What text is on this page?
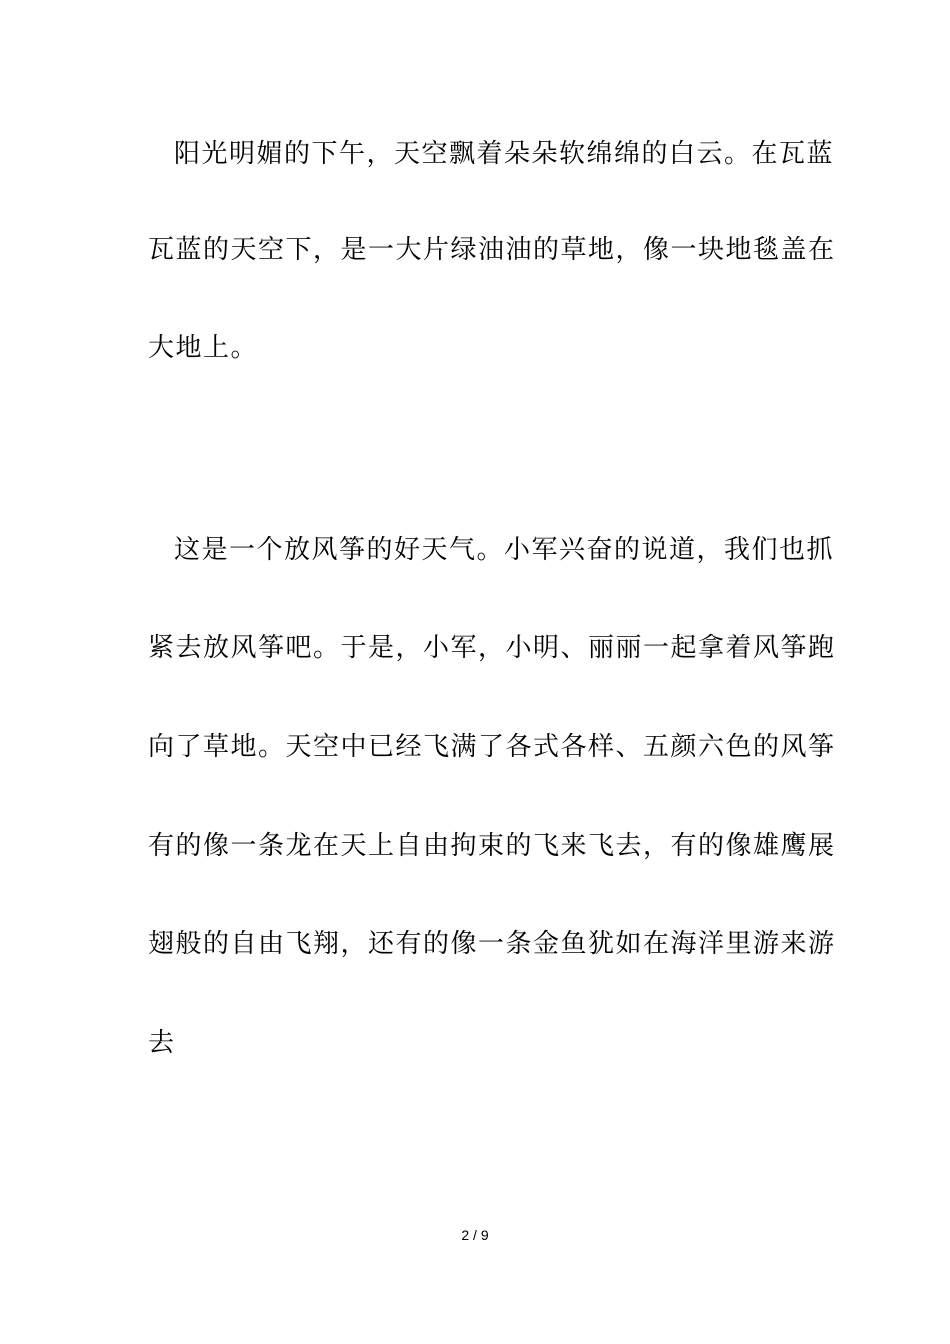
阳光明媚的下午，天空飘着朵朵软绵绵的白云。在瓦蓝
瓦蓝的天空下，是一大片绿油油的草地，像一块地毯盖在
大地上。
这是一个放风筝的好天气。小军兴奋的说道，我们也抓
紧去放风筝吧。于是，小军，小明、丽丽一起拿着风筝跑
向了草地。天空中已经飞满了各式各样、五颜六色的风筝
有的像一条龙在天上自由拘束的飞来飞去，有的像雄鹰展
翅般的自由飞翔，还有的像一条金鱼犹如在海洋里游来游
去
2 / 9
